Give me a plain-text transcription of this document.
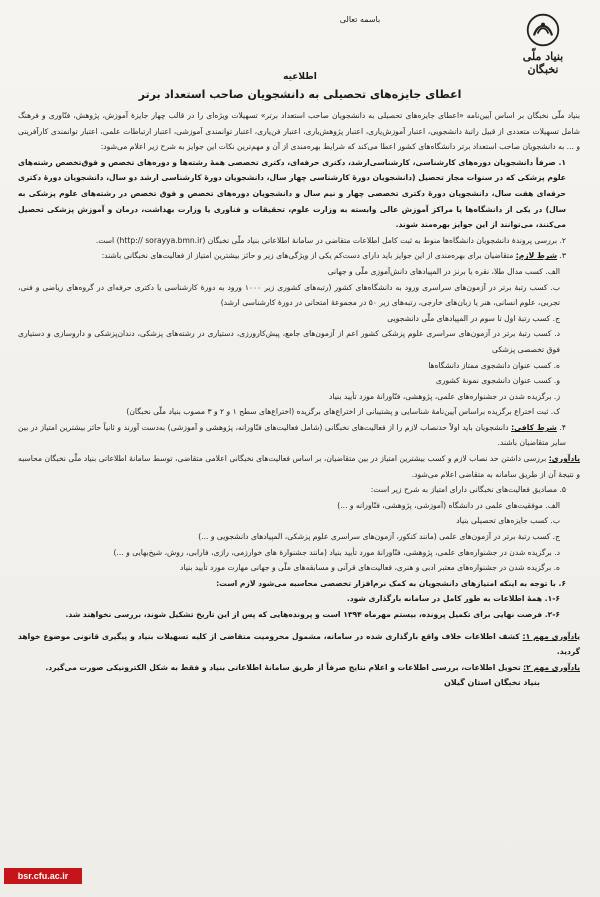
باسمه تعالی
بنیاد ملّی نخبگان
اطلاعیه
اعطای جایزه‌های تحصیلی به دانشجویان صاحب استعداد برتر

بنیاد ملّی نخبگان بر اساس آیین‌نامه «اعطای جایزه‌های تحصیلی به دانشجویان صاحب استعداد برتر» تسهیلات ویژه‌ای را در قالب چهار جایزهٔ آموزش، پژوهش، فنّاوری و فرهنگ شامل تسهیلات متعددی از قبیل راتبهٔ دانشجویی، اعتبار آموزش‌یاری، اعتبار پژوهش‌یاری، اعتبار فن‌یاری، اعتبار توانمندی آموزشی، اعتبار ارتباطات علمی، اعتبار توانمندی کارآفرینی و ... به دانشجویان صاحب استعداد برتر دانشگاه‌های کشور اعطا می‌کند که شرایط بهره‌مندی از آن و مهم‌ترین نکات این جوایز به شرح زیر اعلام می‌شود:

۱. صرفاً دانشجویان دوره‌های کارشناسی، کارشناسی‌ارشد، دکتری حرفه‌ای، دکتری تخصصی همهٔ رشته‌ها و دوره‌های تخصص و فوق‌تخصص رشته‌های علوم پزشکی که در سنوات مجاز تحصیل (دانشجویان دورهٔ کارشناسی چهار سال، دانشجویان دورهٔ کارشناسی ارشد دو سال، دانشجویان دورهٔ دکتری حرفه‌ای هفت سال، دانشجویان دورهٔ دکتری تخصصی چهار و نیم سال و دانشجویان دوره‌های تخصص و فوق تخصص در رشته‌های علوم پزشکی به سال) در یکی از دانشگاه‌ها یا مراکز آموزش عالی وابسته به وزارت علوم، تحقیقات و فناوری یا وزارت بهداشت، درمان و آموزش پزشکی تحصیل می‌کنند، می‌توانند از این جوایز بهره‌مند شوند.

۲. بررسی پروندهٔ دانشجویان دانشگاه‌ها منوط به ثبت کامل اطلاعات متقاضی در سامانهٔ اطلاعاتی بنیاد ملّی نخبگان (http:// sorayya.bmn.ir) است.

۳. شرط لازم: متقاضیان برای بهره‌مندی از این جوایز باید دارای دست‌کم یکی از ویژگی‌های زیر و حائز بیشترین امتیاز از فعالیت‌های نخبگانی باشند:

الف. کسب مدال طلا، نقره یا برنز در المپیادهای دانش‌آموزی ملّی و جهانی

ب. کسب رتبهٔ برتر در آزمون‌های سراسری ورود به دانشگاه‌های کشور (رتبه‌های کشوری زیر ۱۰۰۰ ورود به دورهٔ کارشناسی یا دکتری حرفه‌ای در گروه‌های ریاضی و فنی، تجربی، علوم انسانی، هنر یا زبان‌های خارجی، رتبه‌های زیر ۵۰ در مجموعهٔ امتحانی در دورهٔ کارشناسی ارشد)

ج. کسب رتبهٔ اول تا سوم در المپیادهای ملّی دانشجویی

د. کسب رتبهٔ برتر در آزمون‌های سراسری علوم پزشکی کشور اعم از آزمون‌های جامع، پیش‌کارورزی، دستیاری در رشته‌های پزشکی، دندان‌پزشکی و داروسازی و دستیاری فوق تخصصی پزشکی

ه. کسب عنوان دانشجوی ممتاز دانشگاه‌ها

و. کسب عنوان دانشجوی نمونهٔ کشوری

ز. برگزیده شدن در جشنواره‌های علمی، پژوهشی، فنّاورانهٔ مورد تأیید بنیاد

ک. ثبت اختراع برگزیده براساس آیین‌نامهٔ شناسایی و پشتیبانی از اختراع‌های برگزیده (اختراع‌های سطح ۱ و ۲ و ۳ مصوب بنیاد ملّی نخبگان)

۴. شرط کافی: دانشجویان باید اولاً حدنصاب لازم را از فعالیت‌های نخبگانی (شامل فعالیت‌های فنّاورانه، پژوهشی و آموزشی) به‌دست آورند و ثانیاً حائز بیشترین امتیاز در بین سایر متقاضیان باشند.

یادآوری: بررسی داشتن حد نصاب لازم و کسب بیشترین امتیاز در بین متقاضیان، بر اساس فعالیت‌های نخبگانی اعلامی متقاضی، توسط سامانهٔ اطلاعاتی بنیاد ملّی نخبگان محاسبه و نتیجهٔ آن از طریق سامانه به متقاضی اعلام می‌شود.

۵. مصادیق فعالیت‌های نخبگانی دارای امتیاز به شرح زیر است:

الف. موفقیت‌های علمی در دانشگاه (آموزشی، پژوهشی، فنّاورانه و ...)

ب. کسب جایزه‌های تحصیلی بنیاد

ج. کسب رتبهٔ برتر در آزمون‌های علمی (مانند کنکور، آزمون‌های سراسری علوم پزشکی، المپیادهای دانشجویی و ...)

د. برگزیده شدن در جشنواره‌های علمی، پژوهشی، فنّاورانهٔ مورد تأیید بنیاد (مانند جشنوارهٔ های خوارزمی، رازی، فارابی، روش، شیخ‌بهایی و ...)

ه. برگزیده شدن در جشنواره‌های معتبر ادبی و هنری، فعالیت‌های قرآنی و مسابقه‌های ملّی و جهانی مهارت مورد تأیید بنیاد

۶. با توجه به اینکه امتیازهای دانشجویان به کمک نرم‌افزار تخصصی محاسبه می‌شود لازم است:

۱-۶. همهٔ اطلاعات به طور کامل در سامانه بارگذاری شود.

۲-۶. فرصت نهایی برای تکمیل پرونده، بیستم مهرماه ۱۳۹۴ است و پرونده‌هایی که پس از این تاریخ تشکیل شوند، بررسی نخواهند شد.

یادآوری مهم ۱: کشف اطلاعات خلاف واقع بارگذاری شده در سامانه، مشمول محرومیت متقاضی از کلیه تسهیلات بنیاد و پیگیری قانونی موضوع خواهد گردید.

یادآوری مهم ۲: تحویل اطلاعات، بررسی اطلاعات و اعلام نتایج صرفاً از طریق سامانهٔ اطلاعاتی بنیاد و فقط به شکل الکترونیکی صورت می‌گیرد.

بنیاد نخبگان استان گیلان

bsr.cfu.ac.ir
